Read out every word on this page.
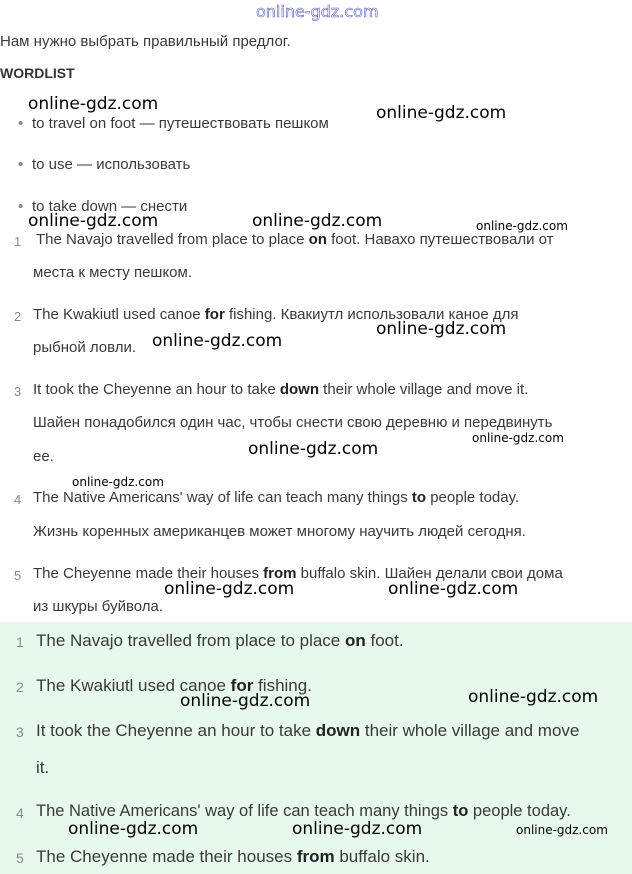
online-gdz.com
Нам нужно выбрать правильный предлог.
WORDLIST
• to travel on foot — путешествовать пешком
• to use — использовать
• to take down — снести
1 The Navajo travelled from place to place on foot. Навахо путешествовали от
места к месту пешком.
2 The Kwakiutl used canoe for fishing. Квакиутл использовали каное для
рыбной ловли.
3 It took the Cheyenne an hour to take down their whole village and move it.
Шайен понадобился один час, чтобы снести свою деревню и передвинуть
ее.
4 The Native Americans' way of life can teach many things to people today.
Жизнь коренных американцев может многому научить людей сегодня.
5 The Cheyenne made their houses from buffalo skin. Шайен делали свои дома
из шкуры буйвола.
1 The Navajo travelled from place to place on foot.
2 The Kwakiutl used canoe for fishing.
3 It took the Cheyenne an hour to take down their whole village and move
it.
4 The Native Americans' way of life can teach many things to people today.
5 The Cheyenne made their houses from buffalo skin.
online-gdz.com	online-gdz.com
online-gdz.com	online-gdz.com	online-gdz.com
online-gdz.com
online-gdz.com
online-gdz.com
online-gdz.com
online-gdz.com
online-gdz.com	online-gdz.com
online-gdz.com	online-gdz.com
online-gdz.com	online-gdz.com	online-gdz.com
